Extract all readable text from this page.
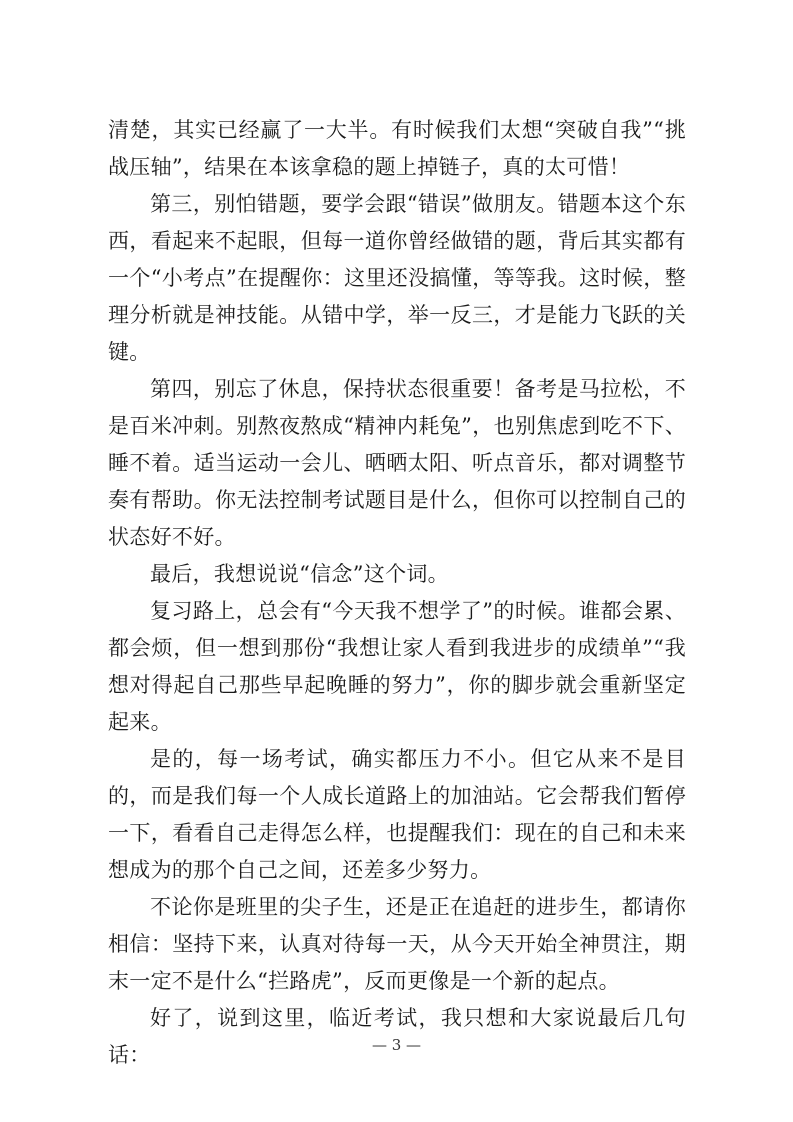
清楚，其实已经赢了一大半。有时候我们太想“突破自我”“挑战压轴”，结果在本该拿稳的题上掉链子，真的太可惜！

第三，别怕错题，要学会跟“错误”做朋友。错题本这个东西，看起来不起眼，但每一道你曾经做错的题，背后其实都有一个“小考点”在提醒你：这里还没搞懂，等等我。这时候，整理分析就是神技能。从错中学，举一反三，才是能力飞跃的关键。

第四，别忘了休息，保持状态很重要！备考是马拉松，不是百米冲刺。别熬夜熬成“精神内耗兔”，也别焦虑到吃不下、睡不着。适当运动一会儿、晒晒太阳、听点音乐，都对调整节奏有帮助。你无法控制考试题目是什么，但你可以控制自己的状态好不好。

最后，我想说说“信念”这个词。

复习路上，总会有“今天我不想学了”的时候。谁都会累、都会烦，但一想到那份“我想让家人看到我进步的成绩单”“我想对得起自己那些早起晚睡的努力”，你的脚步就会重新坚定起来。

是的，每一场考试，确实都压力不小。但它从来不是目的，而是我们每一个人成长道路上的加油站。它会帮我们暂停一下，看看自己走得怎么样，也提醒我们：现在的自己和未来想成为的那个自己之间，还差多少努力。

不论你是班里的尖子生，还是正在追赶的进步生，都请你相信：坚持下来，认真对待每一天，从今天开始全神贯注，期末一定不是什么“拦路虎”，反而更像是一个新的起点。

好了，说到这里，临近考试，我只想和大家说最后几句话：	— 3 —
